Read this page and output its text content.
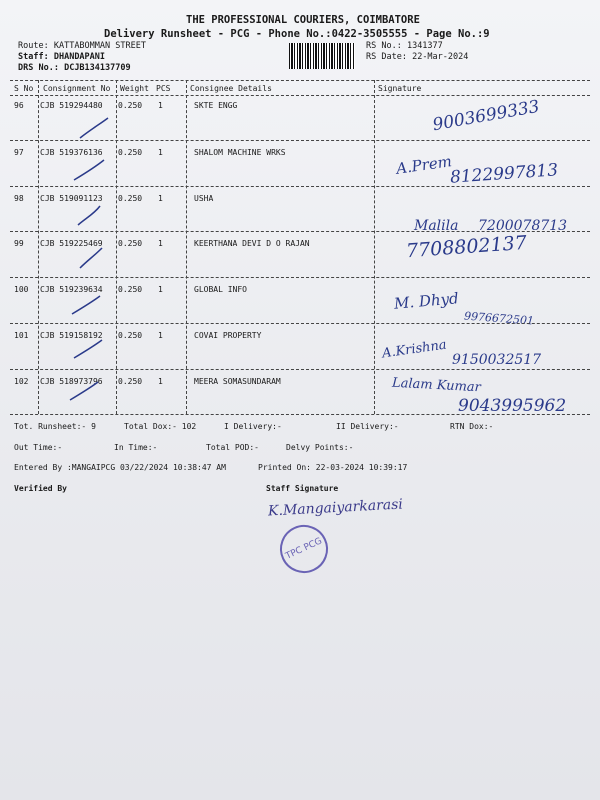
THE PROFESSIONAL COURIERS, COIMBATORE
Delivery Runsheet - PCG - Phone No.:0422-3505555 - Page No.:9
Route: KATTABOMMAN STREET
Staff: DHANDAPANI
DRS No.: DCJB134137709
RS No.: 1341377
RS Date: 22-Mar-2024
S No Consignment No Weight PCS Consignee Details	Signature
96 CJB 519294480 0.250 1	SKTE ENGG	9003699333
97 CJB 519376136 0.250 1	SHALOM MACHINE WRKS	A.Prem
8122997813
98 CJB 519091123 0.250 1	USHA
Malila 7200078713
99 CJB 519225469 0.250 1	KEERTHANA DEVI D O RAJAN	7708802137
100 CJB 519239634 0.250 1	GLOBAL INFO	M. Dhyd
9976672501
101 CJB 519158192 0.250 1	COVAI PROPERTY
A.Krishna 9150032517
102 CJB 518973796 0.250 1	MEERA SOMASUNDARAM	Lalam Kumar
9043995962
Tot. Runsheet:- 9	Total Dox:- 102	I Delivery:-	II Delivery:-	RTN Dox:-
Out Time:-	In Time:-	Total POD:-	Delvy Points:-
Entered By :MANGAIPCG 03/22/2024 10:38:47 AM	Printed On: 22-03-2024 10:39:17
Verified By	Staff Signature
K.Mangaiyarkarasi
TPC PCG
